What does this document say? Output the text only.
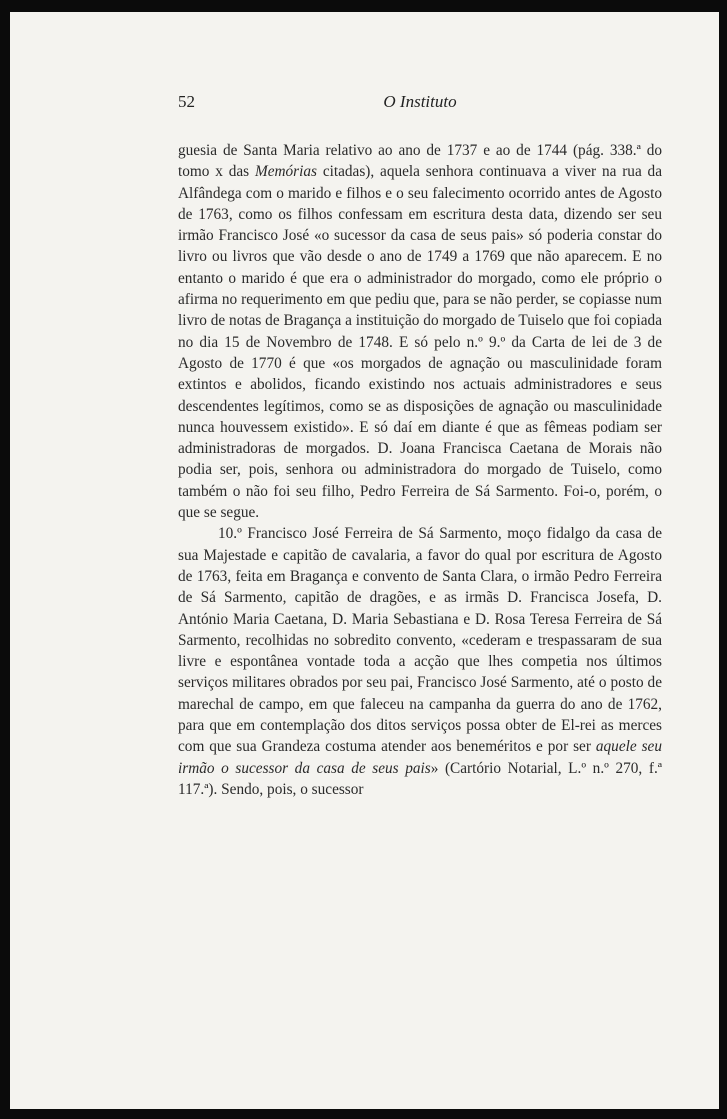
52	O Instituto

guesia de Santa Maria relativo ao ano de 1737 e ao de 1744 (pág. 338.ª do tomo x das Memórias citadas), aquela senhora continuava a viver na rua da Alfândega com o marido e filhos e o seu falecimento ocorrido antes de Agosto de 1763, como os filhos confessam em escritura desta data, dizendo ser seu irmão Francisco José «o sucessor da casa de seus pais» só poderia constar do livro ou livros que vão desde o ano de 1749 a 1769 que não aparecem. E no entanto o marido é que era o administrador do morgado, como ele próprio o afirma no requerimento em que pediu que, para se não perder, se copiasse num livro de notas de Bragança a instituição do morgado de Tuiselo que foi copiada no dia 15 de Novembro de 1748. E só pelo n.º 9.º da Carta de lei de 3 de Agosto de 1770 é que «os morgados de agnação ou masculinidade foram extintos e abolidos, ficando existindo nos actuais administradores e seus descendentes legítimos, como se as disposições de agnação ou masculinidade nunca houvessem existido». E só daí em diante é que as fêmeas podiam ser administradoras de morgados. D. Joana Francisca Caetana de Morais não podia ser, pois, senhora ou administradora do morgado de Tuiselo, como também o não foi seu filho, Pedro Ferreira de Sá Sarmento. Foi-o, porém, o que se segue.

10.º Francisco José Ferreira de Sá Sarmento, moço fidalgo da casa de sua Majestade e capitão de cavalaria, a favor do qual por escritura de Agosto de 1763, feita em Bragança e convento de Santa Clara, o irmão Pedro Ferreira de Sá Sarmento, capitão de dragões, e as irmãs D. Francisca Josefa, D. António Maria Caetana, D. Maria Sebastiana e D. Rosa Teresa Ferreira de Sá Sarmento, recolhidas no sobredito convento, «cederam e trespassaram de sua livre e espontânea vontade toda a acção que lhes competia nos últimos serviços militares obrados por seu pai, Francisco José Sarmento, até o posto de marechal de campo, em que faleceu na campanha da guerra do ano de 1762, para que em contemplação dos ditos serviços possa obter de El-rei as merces com que sua Grandeza costuma atender aos beneméritos e por ser aquele seu irmão o sucessor da casa de seus pais» (Cartório Notarial, L.º n.º 270, f.ª 117.ª). Sendo, pois, o sucessor
